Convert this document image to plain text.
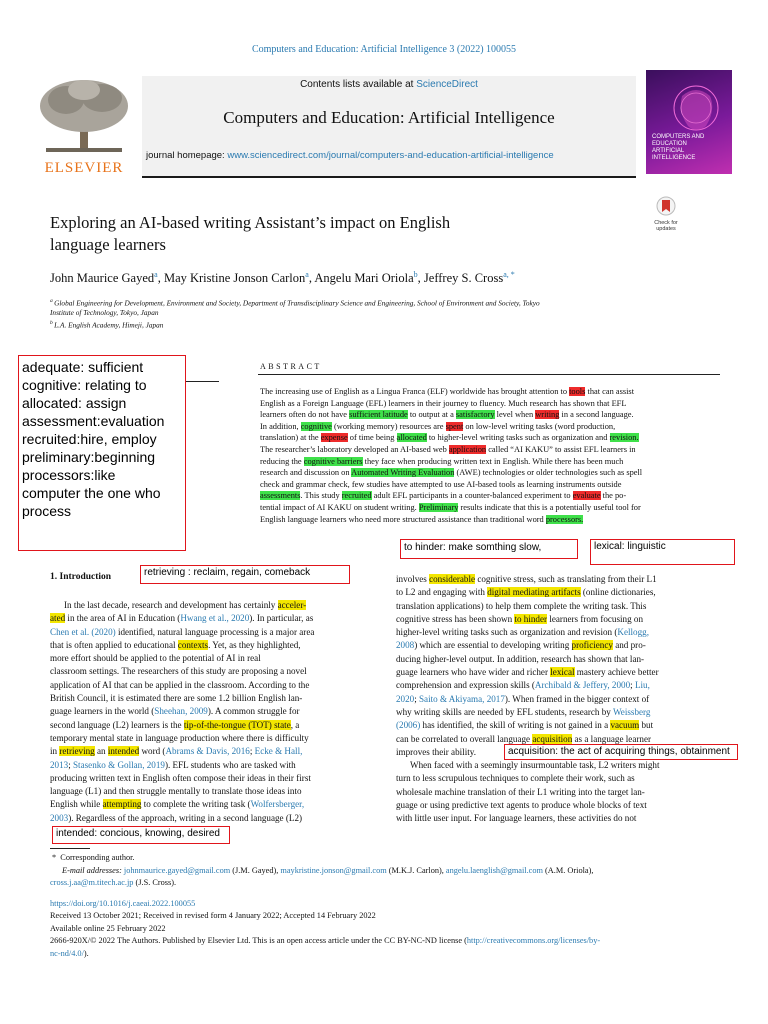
Computers and Education: Artificial Intelligence 3 (2022) 100055
ELSEVIER
Contents lists available at ScienceDirect
Computers and Education: Artificial Intelligence
journal homepage: www.sciencedirect.com/journal/computers-and-education-artificial-intelligence
COMPUTERS AND
EDUCATION
ARTIFICIAL
INTELLIGENCE
Exploring an AI-based writing Assistant’s impact on English
language learners
Check for
updates
John Maurice Gayed$^a$, May Kristine Jonson Carlon$^a$, Angelu Mari Oriola$^b$, Jeffrey S. Cross$^{a, *}$
$^a$ Global Engineering for Development, Environment and Society, Department of Transdisciplinary Science and Engineering, School of Environment and Society, Tokyo
Institute of Technology, Tokyo, Japan
$^b$ L.A. English Academy, Himeji, Japan
ABSTRACT
The increasing use of English as a Lingua Franca (ELF) worldwide has brought attention to tools that can assist
English as a Foreign Language (EFL) learners in their journey to fluency. Much research has shown that EFL
learners often do not have sufficient latitude to output at a satisfactory level when writing in a second language.
In addition, cognitive (working memory) resources are spent on low-level writing tasks (word production,
translation) at the expense of time being allocated to higher-level writing tasks such as organization and revision.
The researcher’s laboratory developed an AI-based web application called “AI KAKU” to assist EFL learners in
reducing the cognitive barriers they face when producing written text in English. While there has been much
research and discussion on Automated Writing Evaluation (AWE) technologies or older technologies such as spell
check and grammar check, few studies have attempted to use AI-based tools as learning instruments outside
assessments. This study recruited adult EFL participants in a counter-balanced experiment to evaluate the po-
tential impact of AI KAKU on student writing. Preliminary results indicate that this is a potentially useful tool for
English language learners who need more structured assistance than traditional word processors.
adequate: sufficient
cognitive: relating to
allocated: assign
assessment:evaluation
recruited:hire, employ
preliminary:beginning
processors:like
computer the one who
process
to hinder: make somthing slow,	lexical: linguistic
1. Introduction	retrieving : reclaim, regain, comeback
In the last decade, research and development has certainly acceler-
ated in the area of AI in Education (Hwang et al., 2020). In particular, as
Chen et al. (2020) identified, natural language processing is a major area
that is often applied to educational contexts. Yet, as they highlighted,
more effort should be applied to the potential of AI in real
classroom settings. The researchers of this study are proposing a novel
application of AI that can be applied in the classroom. According to the
British Council, it is estimated there are some 1.2 billion English lan-
guage learners in the world (Sheehan, 2009). A common struggle for
second language (L2) learners is the tip-of-the-tongue (TOT) state, a
temporary mental state in language production where there is difficulty
in retrieving an intended word (Abrams & Davis, 2016; Ecke & Hall,
2013; Stasenko & Gollan, 2019). EFL students who are tasked with
producing written text in English often compose their ideas in their first
language (L1) and then struggle mentally to translate those ideas into
English while attempting to complete the writing task (Wolfersberger,
2003). Regardless of the approach, writing in a second language (L2)
involves considerable cognitive stress, such as translating from their L1
to L2 and engaging with digital mediating artifacts (online dictionaries,
translation applications) to help them complete the writing task. This
cognitive stress has been shown to hinder learners from focusing on
higher-level writing tasks such as organization and revision (Kellogg,
2008) which are essential to developing writing proficiency and pro-
ducing higher-level output. In addition, research has shown that lan-
guage learners who have wider and richer lexical mastery achieve better
comprehension and expression skills (Archibald & Jeffery, 2000; Liu,
2020; Saito & Akiyama, 2017). When framed in the bigger context of
why writing skills are needed by EFL students, research by Weissberg
(2006) has identified, the skill of writing is not gained in a vacuum but
can be correlated to overall language acquisition as a language learner
improves their ability.
When faced with a seemingly insurmountable task, L2 writers might
turn to less scrupulous techniques to complete their work, such as
wholesale machine translation of their L1 writing into the target lan-
guage or using predictive text agents to produce whole blocks of text
with little user input. For language learners, these activities do not
acquisition: the act of acquiring things, obtainment
intended: concious, knowing, desired
*  Corresponding author.
E-mail addresses: johnmaurice.gayed@gmail.com (J.M. Gayed), maykristine.jonson@gmail.com (M.K.J. Carlon), angelu.laenglish@gmail.com (A.M. Oriola),
cross.j.aa@m.titech.ac.jp (J.S. Cross).
https://doi.org/10.1016/j.caeai.2022.100055
Received 13 October 2021; Received in revised form 4 January 2022; Accepted 14 February 2022
Available online 25 February 2022
2666-920X/© 2022 The Authors. Published by Elsevier Ltd. This is an open access article under the CC BY-NC-ND license (http://creativecommons.org/licenses/by-
nc-nd/4.0/).
